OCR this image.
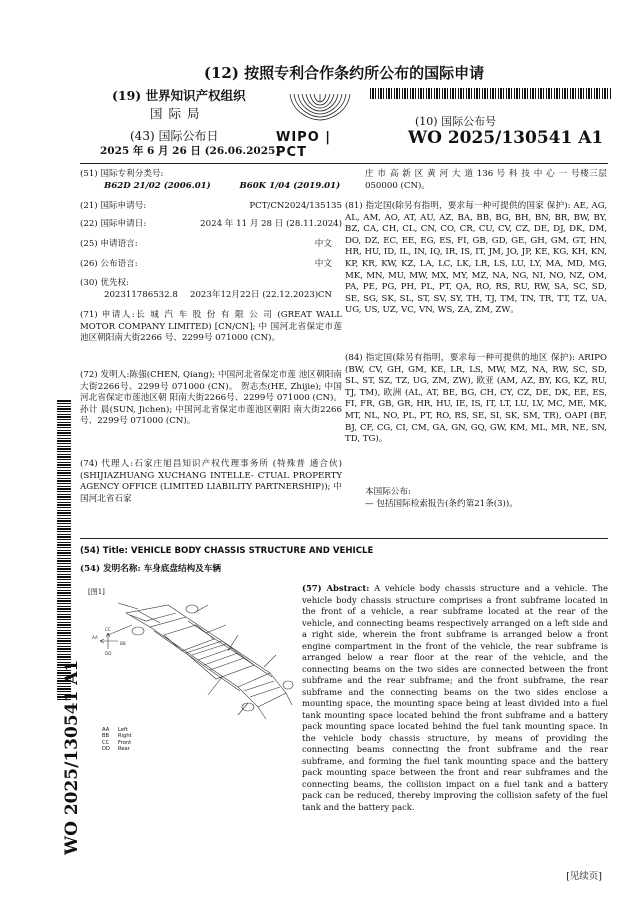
(12) 按照专利合作条约所公布的国际申请
(19) 世界知识产权组织
国 际 局
(43) 国际公布日
2025 年 6 月 26 日 (26.06.2025)
WIPO | PCT
(10) 国际公布号
WO 2025/130541 A1
WO 2025/130541 A1
(51) 国际专利分类号:
B62D 21/02 (2006.01)	B60K 1/04 (2019.01)
(21) 国际申请号:	PCT/CN2024/135135
(22) 国际申请日:	2024 年 11 月 28 日 (28.11.2024)
(25) 申请语言:	中文
(26) 公布语言:	中文
(30) 优先权:
202311786532.8 2023年12月22日 (22.12.2023) CN
(71) 申请人:长 城 汽 车 股 份 有 限 公 司 (GREAT WALL MOTOR COMPANY LIMITED) [CN/CN]; 中 国河北省保定市莲池区朝阳南大街2266 号、2299号 071000 (CN)。
(72) 发明人:陈强(CHEN, Qiang); 中国河北省保定市莲 池区朝阳南大街2266号、2299号 071000 (CN)。 贺志杰(HE, Zhijie); 中国河北省保定市莲池区朝 阳南大街2266号、2299号 071000 (CN)。 孙计 晨(SUN, Jichen); 中国河北省保定市莲池区朝阳 南大街2266号、2299号 071000 (CN)。
(74) 代理人:石家庄旭昌知识产权代理事务所 (特殊普 通合伙) (SHIJIAZHUANG XUCHANG INTELLE- CTUAL PROPERTY AGENCY OFFICE (LIMITED LIABILITY PARTNERSHIP)); 中国河北省石家
庄 市 高 新 区 黄 河 大 道 136 号 科 技 中 心 一 号楼三层 050000 (CN)。
(81) 指定国(除另有指明，要求每一种可提供的国家 保护): AE, AG, AL, AM, AO, AT, AU, AZ, BA, BB, BG, BH, BN, BR, BW, BY, BZ, CA, CH, CL, CN, CO, CR, CU, CV, CZ, DE, DJ, DK, DM, DO, DZ, EC, EE, EG, ES, FI, GB, GD, GE, GH, GM, GT, HN, HR, HU, ID, IL, IN, IQ, IR, IS, IT, JM, JO, JP, KE, KG, KH, KN, KP, KR, KW, KZ, LA, LC, LK, LR, LS, LU, LY, MA, MD, MG, MK, MN, MU, MW, MX, MY, MZ, NA, NG, NI, NO, NZ, OM, PA, PE, PG, PH, PL, PT, QA, RO, RS, RU, RW, SA, SC, SD, SE, SG, SK, SL, ST, SV, SY, TH, TJ, TM, TN, TR, TT, TZ, UA, UG, US, UZ, VC, VN, WS, ZA, ZM, ZW。
(84) 指定国(除另有指明，要求每一种可提供的地区 保护): ARIPO (BW, CV, GH, GM, KE, LR, LS, MW, MZ, NA, RW, SC, SD, SL, ST, SZ, TZ, UG, ZM, ZW), 欧亚 (AM, AZ, BY, KG, KZ, RU, TJ, TM), 欧洲 (AL, AT, BE, BG, CH, CY, CZ, DE, DK, EE, ES, FI, FR, GB, GR, HR, HU, IE, IS, IT, LT, LU, LV, MC, ME, MK, MT, NL, NO, PL, PT, RO, RS, SE, SI, SK, SM, TR), OAPI (BF, BJ, CF, CG, CI, CM, GA, GN, GQ, GW, KM, ML, MR, NE, SN, TD, TG)。
本国际公布:
— 包括国际检索报告(条约第21条(3))。
(54) Title: VEHICLE BODY CHASSIS STRUCTURE AND VEHICLE
(54) 发明名称: 车身底盘结构及车辆
[图1]
AA
CC
BB
DD
AA Left
BB Right
CC Front
DD Rear
(57) Abstract: A vehicle body chassis structure and a vehicle. The vehicle body chassis structure comprises a front subframe located in the front of a vehicle, a rear subframe located at the rear of the vehicle, and connecting beams respectively arranged on a left side and a right side, wherein the front subframe is arranged below a front engine compartment in the front of the vehicle, the rear subframe is arranged below a rear floor at the rear of the vehicle, and the connecting beams on the two sides are connected between the front subframe and the rear subframe; and the front subframe, the rear subframe and the connecting beams on the two sides enclose a mounting space, the mounting space being at least divided into a fuel tank mounting space located behind the front subframe and a battery pack mounting space located behind the fuel tank mounting space. In the vehicle body chassis structure, by means of providing the connecting beams connecting the front subframe and the rear subframe, and forming the fuel tank mounting space and the battery pack mounting space between the front and rear subframes and the connecting beams, the collision impact on a fuel tank and a battery pack can be reduced, thereby improving the collision safety of the fuel tank and the battery pack.
[见续页]
